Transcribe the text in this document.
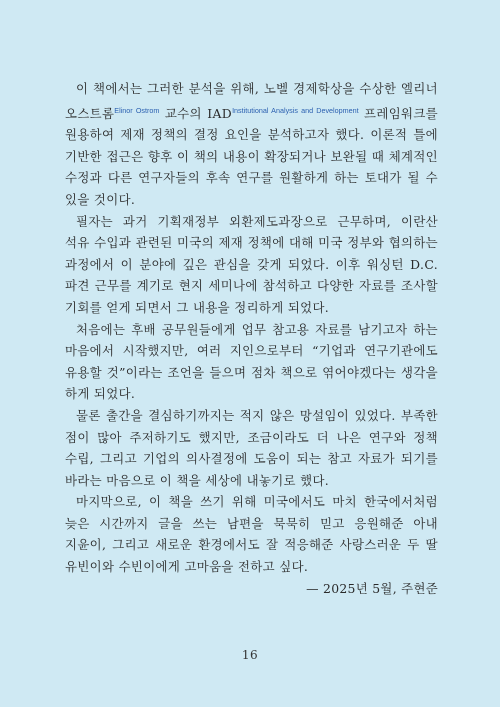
이 책에서는 그러한 분석을 위해, 노벨 경제학상을 수상한 엘리너 오스트롬$^{Elinor Ostrom}$ 교수의 $IAD^{Institutional Analysis and Development}$ 프레임워크를 원용하여 제재 정책의 결정 요인을 분석하고자 했다. 이론적 틀에 기반한 접근은 향후 이 책의 내용이 확장되거나 보완될 때 체계적인 수정과 다른 연구자들의 후속 연구를 원활하게 하는 토대가 될 수 있을 것이다.

필자는 과거 기획재정부 외환제도과장으로 근무하며, 이란산 석유 수입과 관련된 미국의 제재 정책에 대해 미국 정부와 협의하는 과정에서 이 분야에 깊은 관심을 갖게 되었다. 이후 워싱턴 D.C. 파견 근무를 계기로 현지 세미나에 참석하고 다양한 자료를 조사할 기회를 얻게 되면서 그 내용을 정리하게 되었다.

처음에는 후배 공무원들에게 업무 참고용 자료를 남기고자 하는 마음에서 시작했지만, 여러 지인으로부터 “기업과 연구기관에도 유용할 것”이라는 조언을 들으며 점차 책으로 엮어야겠다는 생각을 하게 되었다.

물론 출간을 결심하기까지는 적지 않은 망설임이 있었다. 부족한 점이 많아 주저하기도 했지만, 조금이라도 더 나은 연구와 정책 수립, 그리고 기업의 의사결정에 도움이 되는 참고 자료가 되기를 바라는 마음으로 이 책을 세상에 내놓기로 했다.

마지막으로, 이 책을 쓰기 위해 미국에서도 마치 한국에서처럼 늦은 시간까지 글을 쓰는 남편을 묵묵히 믿고 응원해준 아내 지윤이, 그리고 새로운 환경에서도 잘 적응해준 사랑스러운 두 딸 유빈이와 수빈이에게 고마움을 전하고 싶다.

— 2025년 5월, 주현준

16
